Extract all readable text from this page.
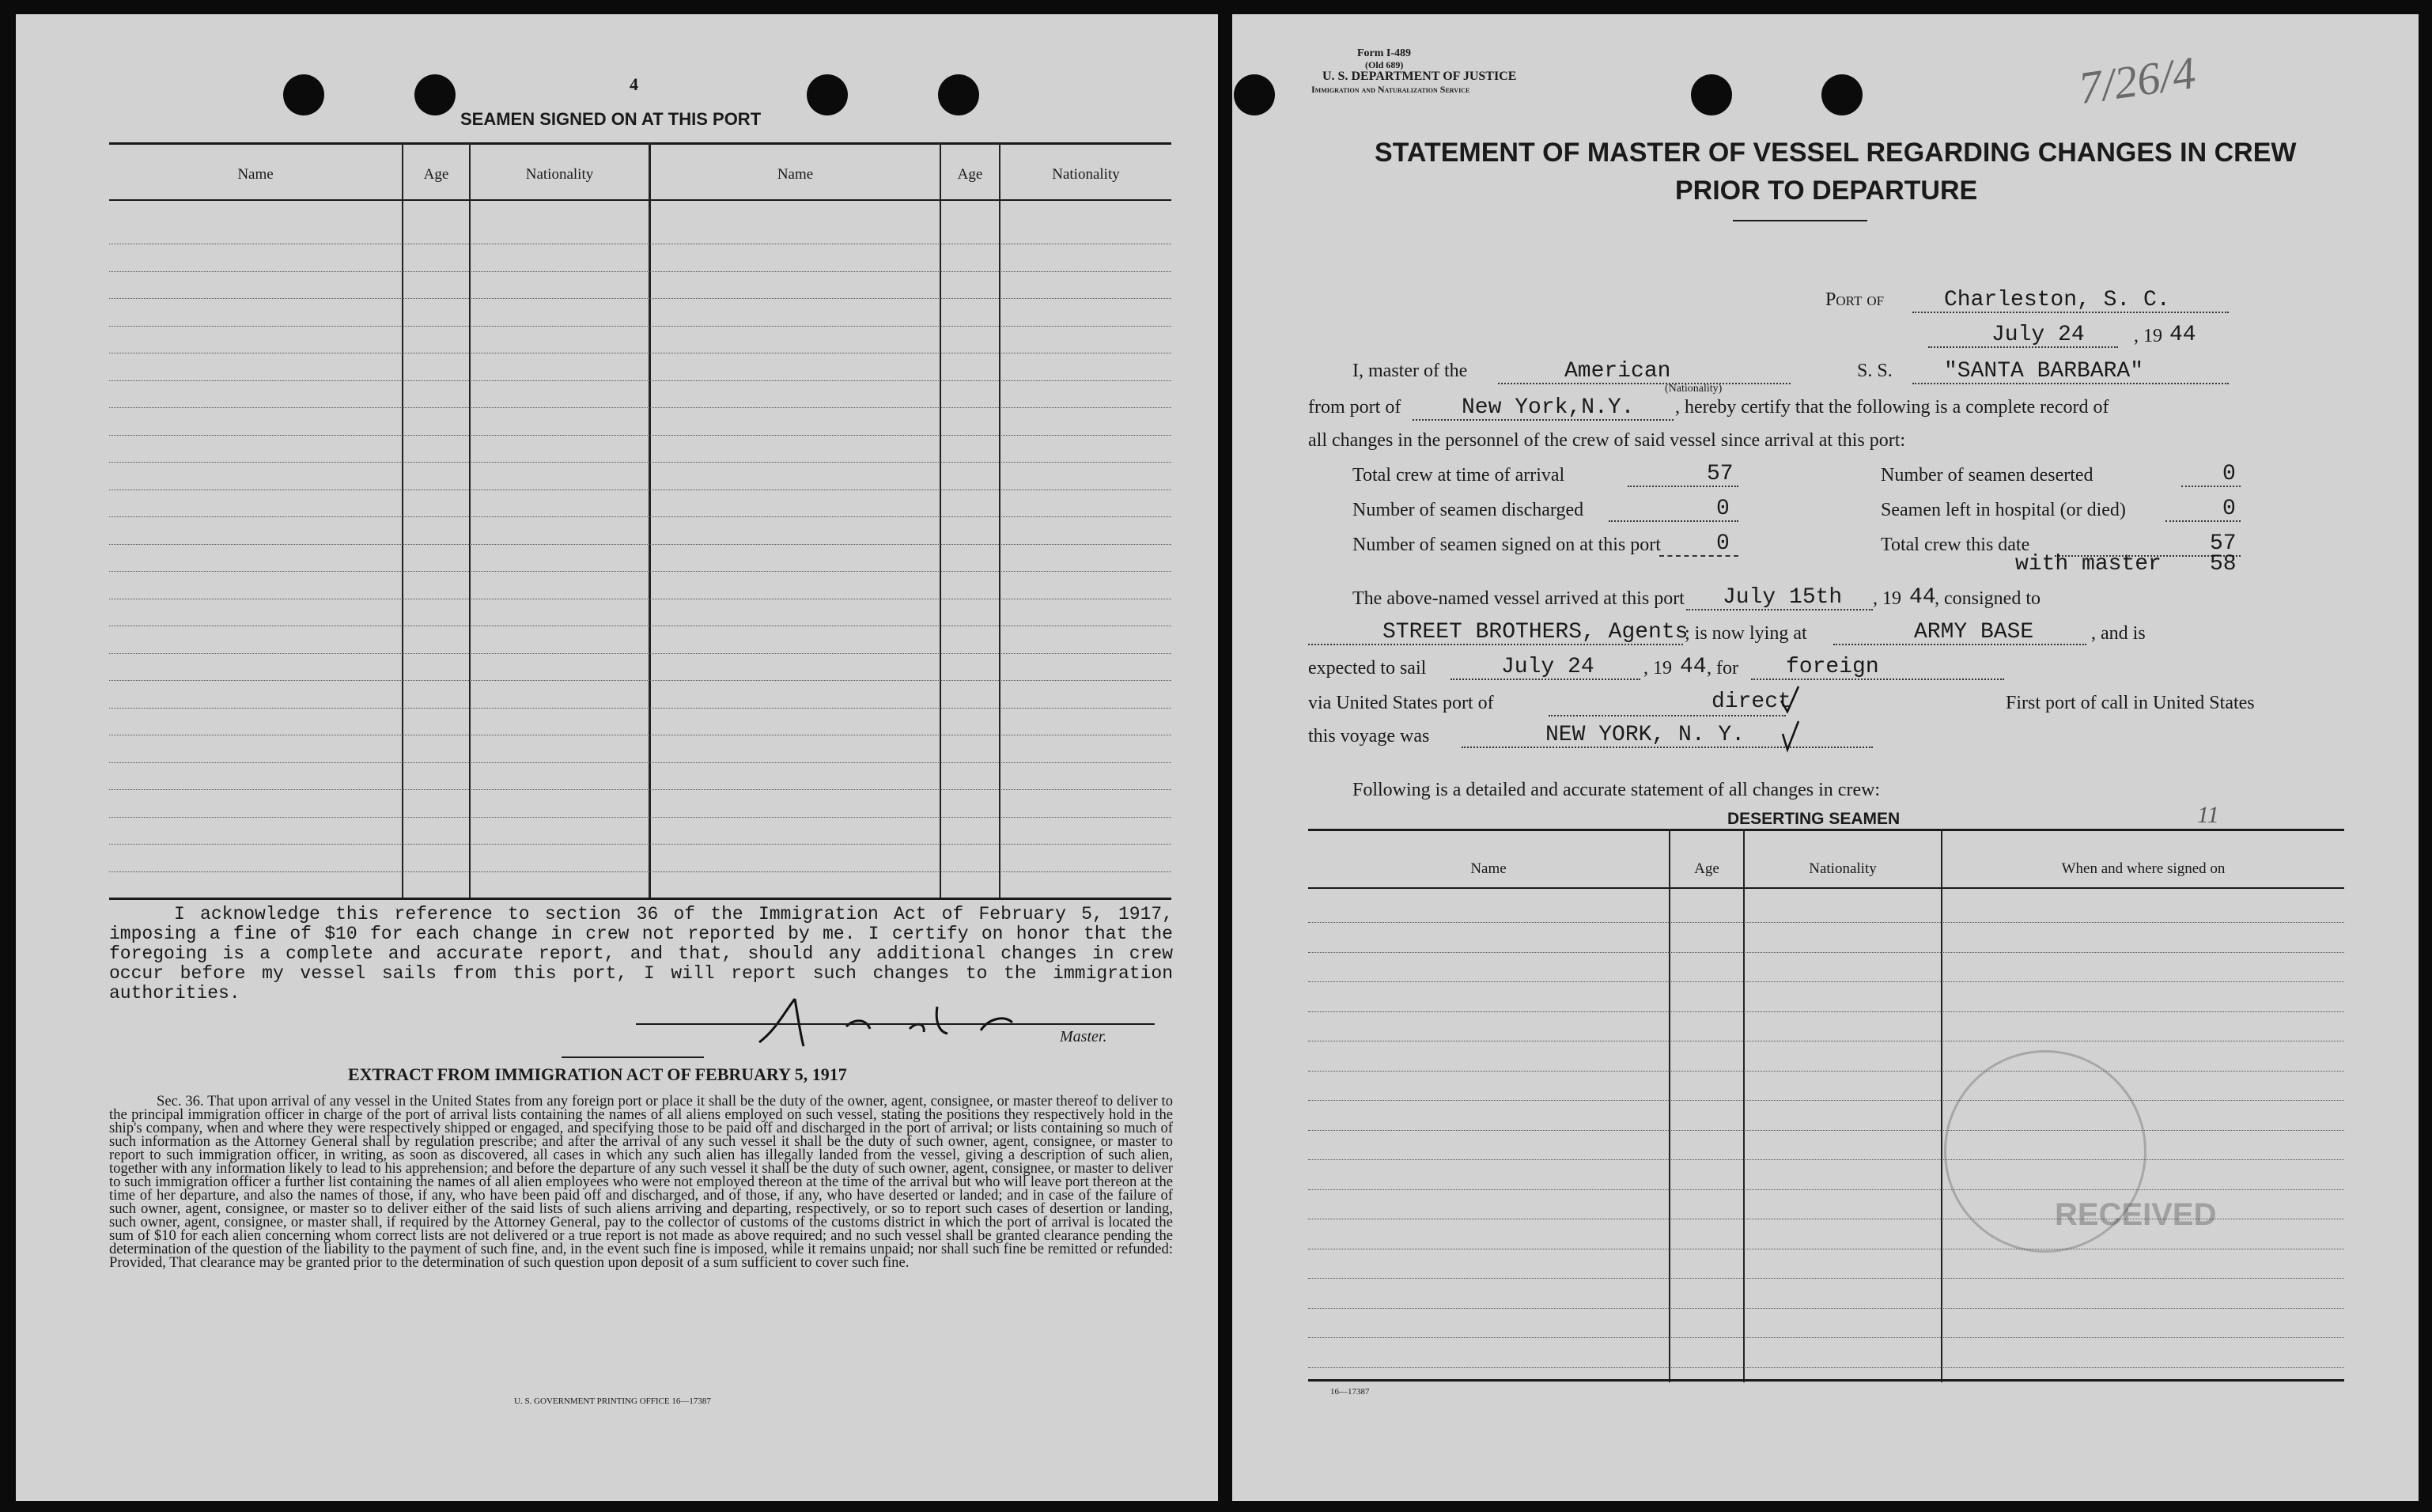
4
SEAMEN SIGNED ON AT THIS PORT
Name	Age	Nationality	Name	Age	Nationality
I acknowledge this reference to section 36 of the Immigration Act of February 5, 1917, imposing a fine of $10 for each change in crew not reported by me. I certify on honor that the foregoing is a complete and accurate report, and that, should any additional changes in crew occur before my vessel sails from this port, I will report such changes to the immigration authorities.
Master.
EXTRACT FROM IMMIGRATION ACT OF FEBRUARY 5, 1917
Sec. 36. That upon arrival of any vessel in the United States from any foreign port or place it shall be the duty of the owner, agent, consignee, or master thereof to deliver to the principal immigration officer in charge of the port of arrival lists containing the names of all aliens employed on such vessel, stating the positions they respectively hold in the ship's company, when and where they were respectively shipped or engaged, and specifying those to be paid off and discharged in the port of arrival; or lists containing so much of such information as the Attorney General shall by regulation prescribe; and after the arrival of any such vessel it shall be the duty of such owner, agent, consignee, or master to report to such immigration officer, in writing, as soon as discovered, all cases in which any such alien has illegally landed from the vessel, giving a description of such alien, together with any information likely to lead to his apprehension; and before the departure of any such vessel it shall be the duty of such owner, agent, consignee, or master to deliver to such immigration officer a further list containing the names of all alien employees who were not employed thereon at the time of the arrival but who will leave port thereon at the time of her departure, and also the names of those, if any, who have been paid off and discharged, and of those, if any, who have deserted or landed; and in case of the failure of such owner, agent, consignee, or master so to deliver either of the said lists of such aliens arriving and departing, respectively, or so to report such cases of desertion or landing, such owner, agent, consignee, or master shall, if required by the Attorney General, pay to the collector of customs of the customs district in which the port of arrival is located the sum of $10 for each alien concerning whom correct lists are not delivered or a true report is not made as above required; and no such vessel shall be granted clearance pending the determination of the question of the liability to the payment of such fine, and, in the event such fine is imposed, while it remains unpaid; nor shall such fine be remitted or refunded: Provided, That clearance may be granted prior to the determination of such question upon deposit of a sum sufficient to cover such fine.
U. S. GOVERNMENT PRINTING OFFICE 16—17387
Form I-489
(Old 689)
U. S. DEPARTMENT OF JUSTICE
Immigration and Naturalization Service	7/26/4
STATEMENT OF MASTER OF VESSEL REGARDING CHANGES IN CREW
PRIOR TO DEPARTURE
Port of	Charleston, S. C.
July 24	, 19 44
I, master of the	American
(Nationality)
S. S. "SANTA BARBARA"
from port of	New York,N.Y. , hereby certify that the following is a complete record of
all changes in the personnel of the crew of said vessel since arrival at this port:
Total crew at time of arrival	57	Number of seamen deserted	0
Number of seamen discharged	0	Seamen left in hospital (or died)	0
Number of seamen signed on at this port	0	Total crew this date	57
with master 58
The above-named vessel arrived at this port July 15th , 19 44
, consigned to
STREET BROTHERS, Agents
; is now lying at	ARMY BASE	, and is
expected to sail	July 24	, 19 44 , for foreign
via United States port of	direct	First port of call in United States
this voyage was	NEW YORK, N. Y.
Following is a detailed and accurate statement of all changes in crew:
DESERTING SEAMEN	11
Name	Age	Nationality	When and where signed on
RECEIVED
16—17387
